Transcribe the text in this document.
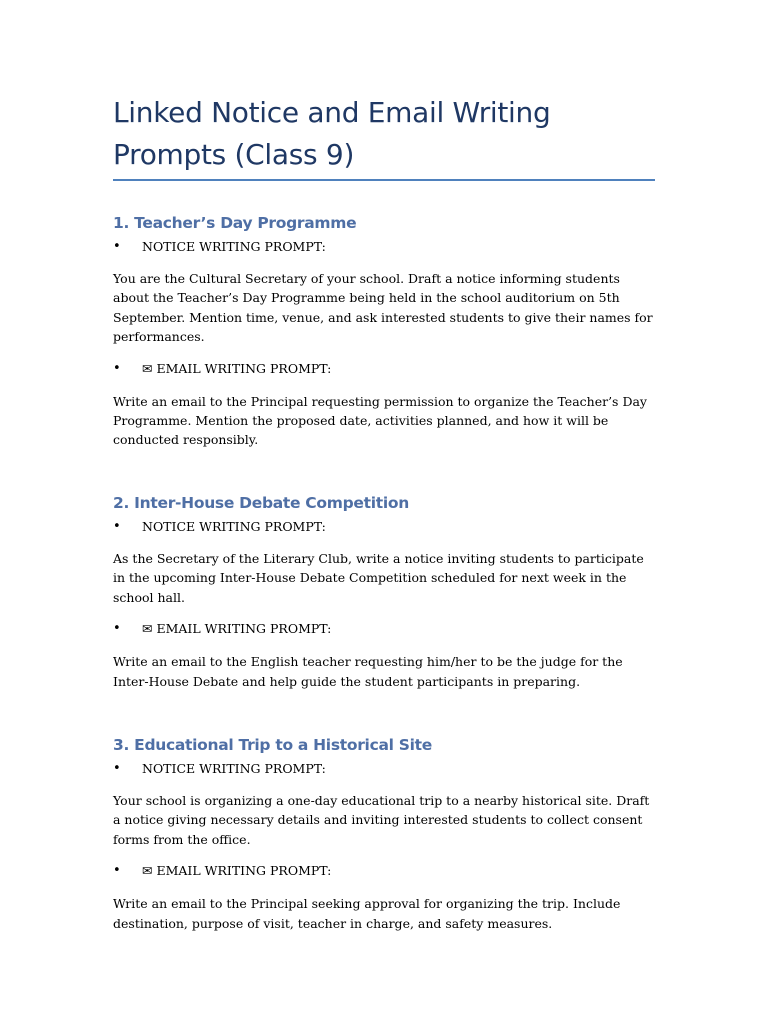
Linked Notice and Email Writing Prompts (Class 9)
1. Teacher’s Day Programme
• NOTICE WRITING PROMPT:

You are the Cultural Secretary of your school. Draft a notice informing students about the Teacher’s Day Programme being held in the school auditorium on 5th September. Mention time, venue, and ask interested students to give their names for performances.

• ✉ EMAIL WRITING PROMPT:

Write an email to the Principal requesting permission to organize the Teacher’s Day Programme. Mention the proposed date, activities planned, and how it will be conducted responsibly.

2. Inter-House Debate Competition
• NOTICE WRITING PROMPT:

As the Secretary of the Literary Club, write a notice inviting students to participate in the upcoming Inter-House Debate Competition scheduled for next week in the school hall.

• ✉ EMAIL WRITING PROMPT:

Write an email to the English teacher requesting him/her to be the judge for the Inter-House Debate and help guide the student participants in preparing.

3. Educational Trip to a Historical Site
• NOTICE WRITING PROMPT:

Your school is organizing a one-day educational trip to a nearby historical site. Draft a notice giving necessary details and inviting interested students to collect consent forms from the office.

• ✉ EMAIL WRITING PROMPT:

Write an email to the Principal seeking approval for organizing the trip. Include destination, purpose of visit, teacher in charge, and safety measures.
